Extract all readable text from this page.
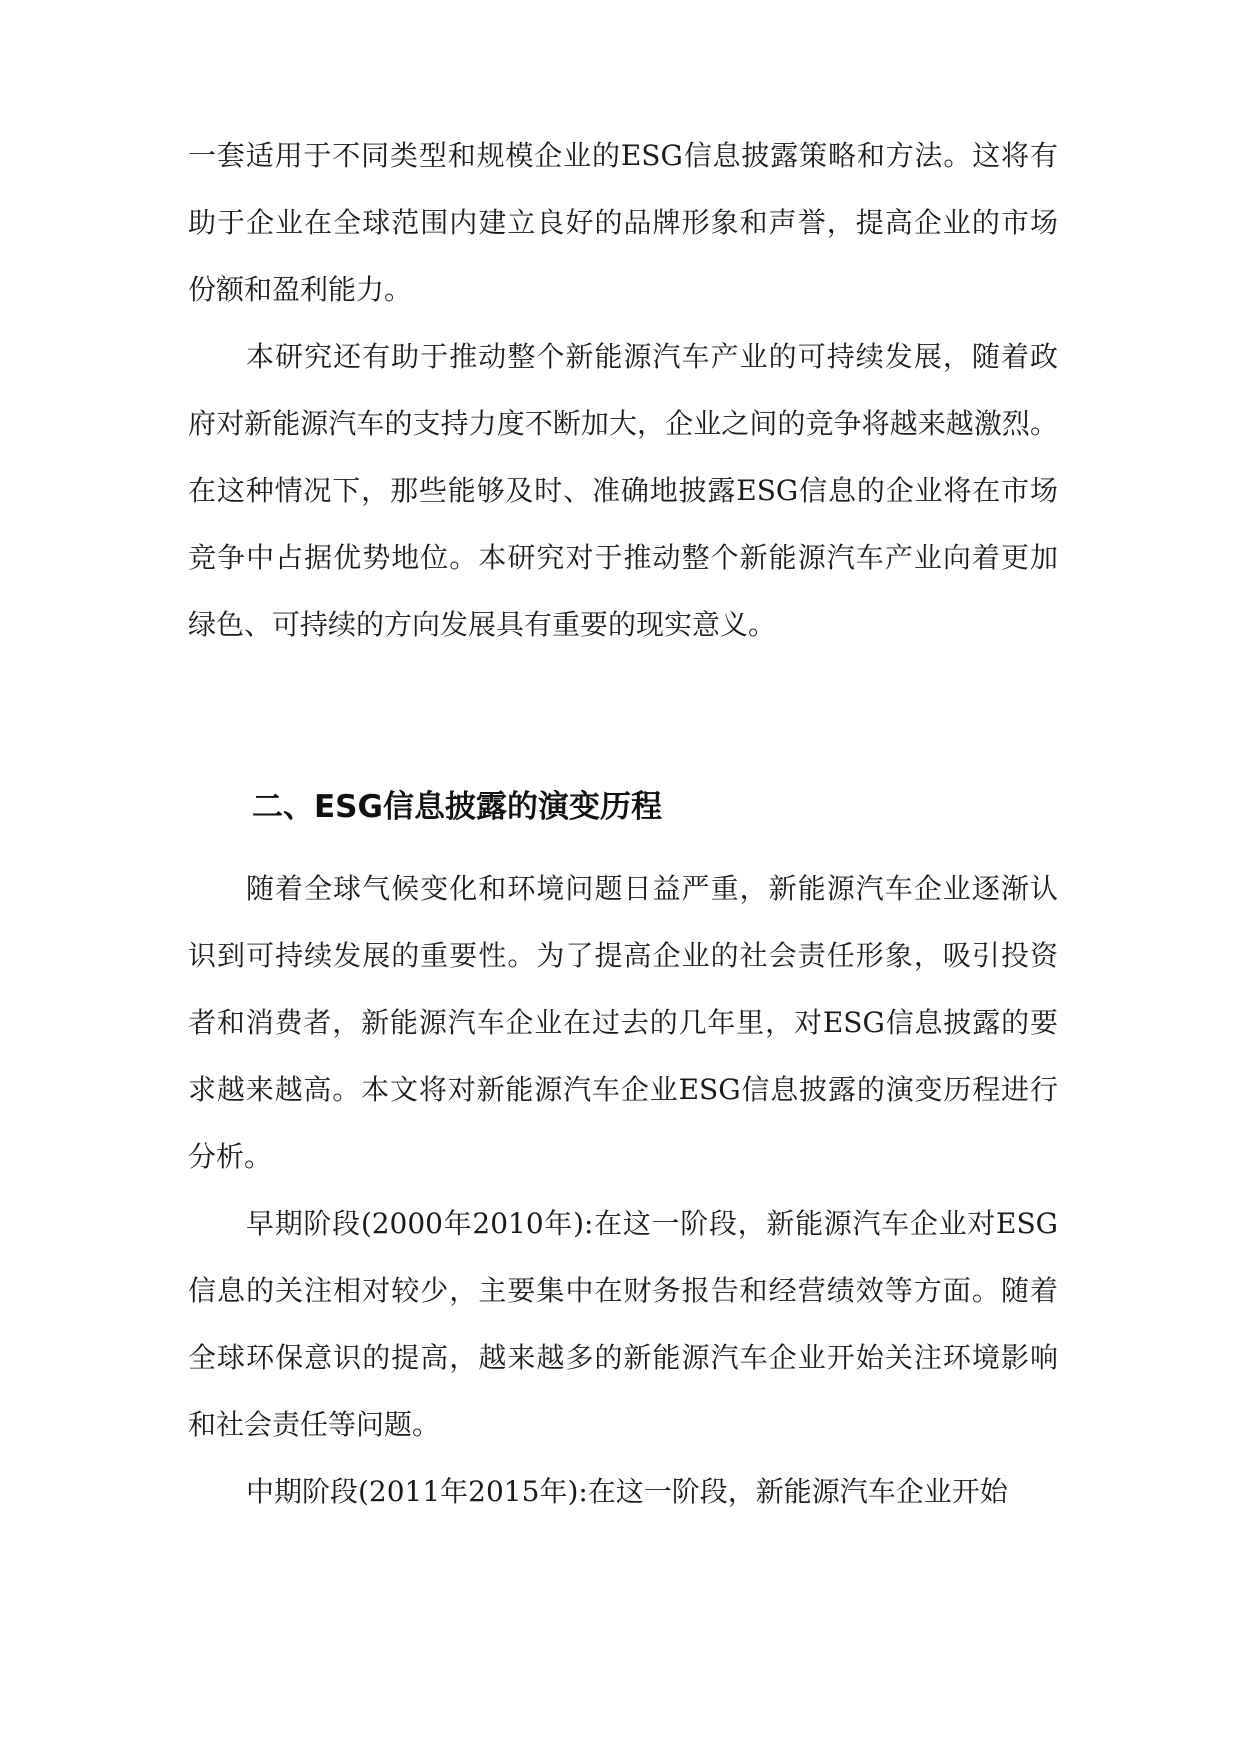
一套适用于不同类型和规模企业的ESG信息披露策略和方法。这将有
助于企业在全球范围内建立良好的品牌形象和声誉，提高企业的市场
份额和盈利能力。
本研究还有助于推动整个新能源汽车产业的可持续发展，随着政
府对新能源汽车的支持力度不断加大，企业之间的竞争将越来越激烈。
在这种情况下，那些能够及时、准确地披露ESG信息的企业将在市场
竞争中占据优势地位。本研究对于推动整个新能源汽车产业向着更加
绿色、可持续的方向发展具有重要的现实意义。
二、ESG信息披露的演变历程
随着全球气候变化和环境问题日益严重，新能源汽车企业逐渐认
识到可持续发展的重要性。为了提高企业的社会责任形象，吸引投资
者和消费者，新能源汽车企业在过去的几年里，对ESG信息披露的要
求越来越高。本文将对新能源汽车企业ESG信息披露的演变历程进行
分析。
早期阶段(2000年2010年):在这一阶段，新能源汽车企业对ESG
信息的关注相对较少，主要集中在财务报告和经营绩效等方面。随着
全球环保意识的提高，越来越多的新能源汽车企业开始关注环境影响
和社会责任等问题。
中期阶段(2011年2015年):在这一阶段，新能源汽车企业开始
